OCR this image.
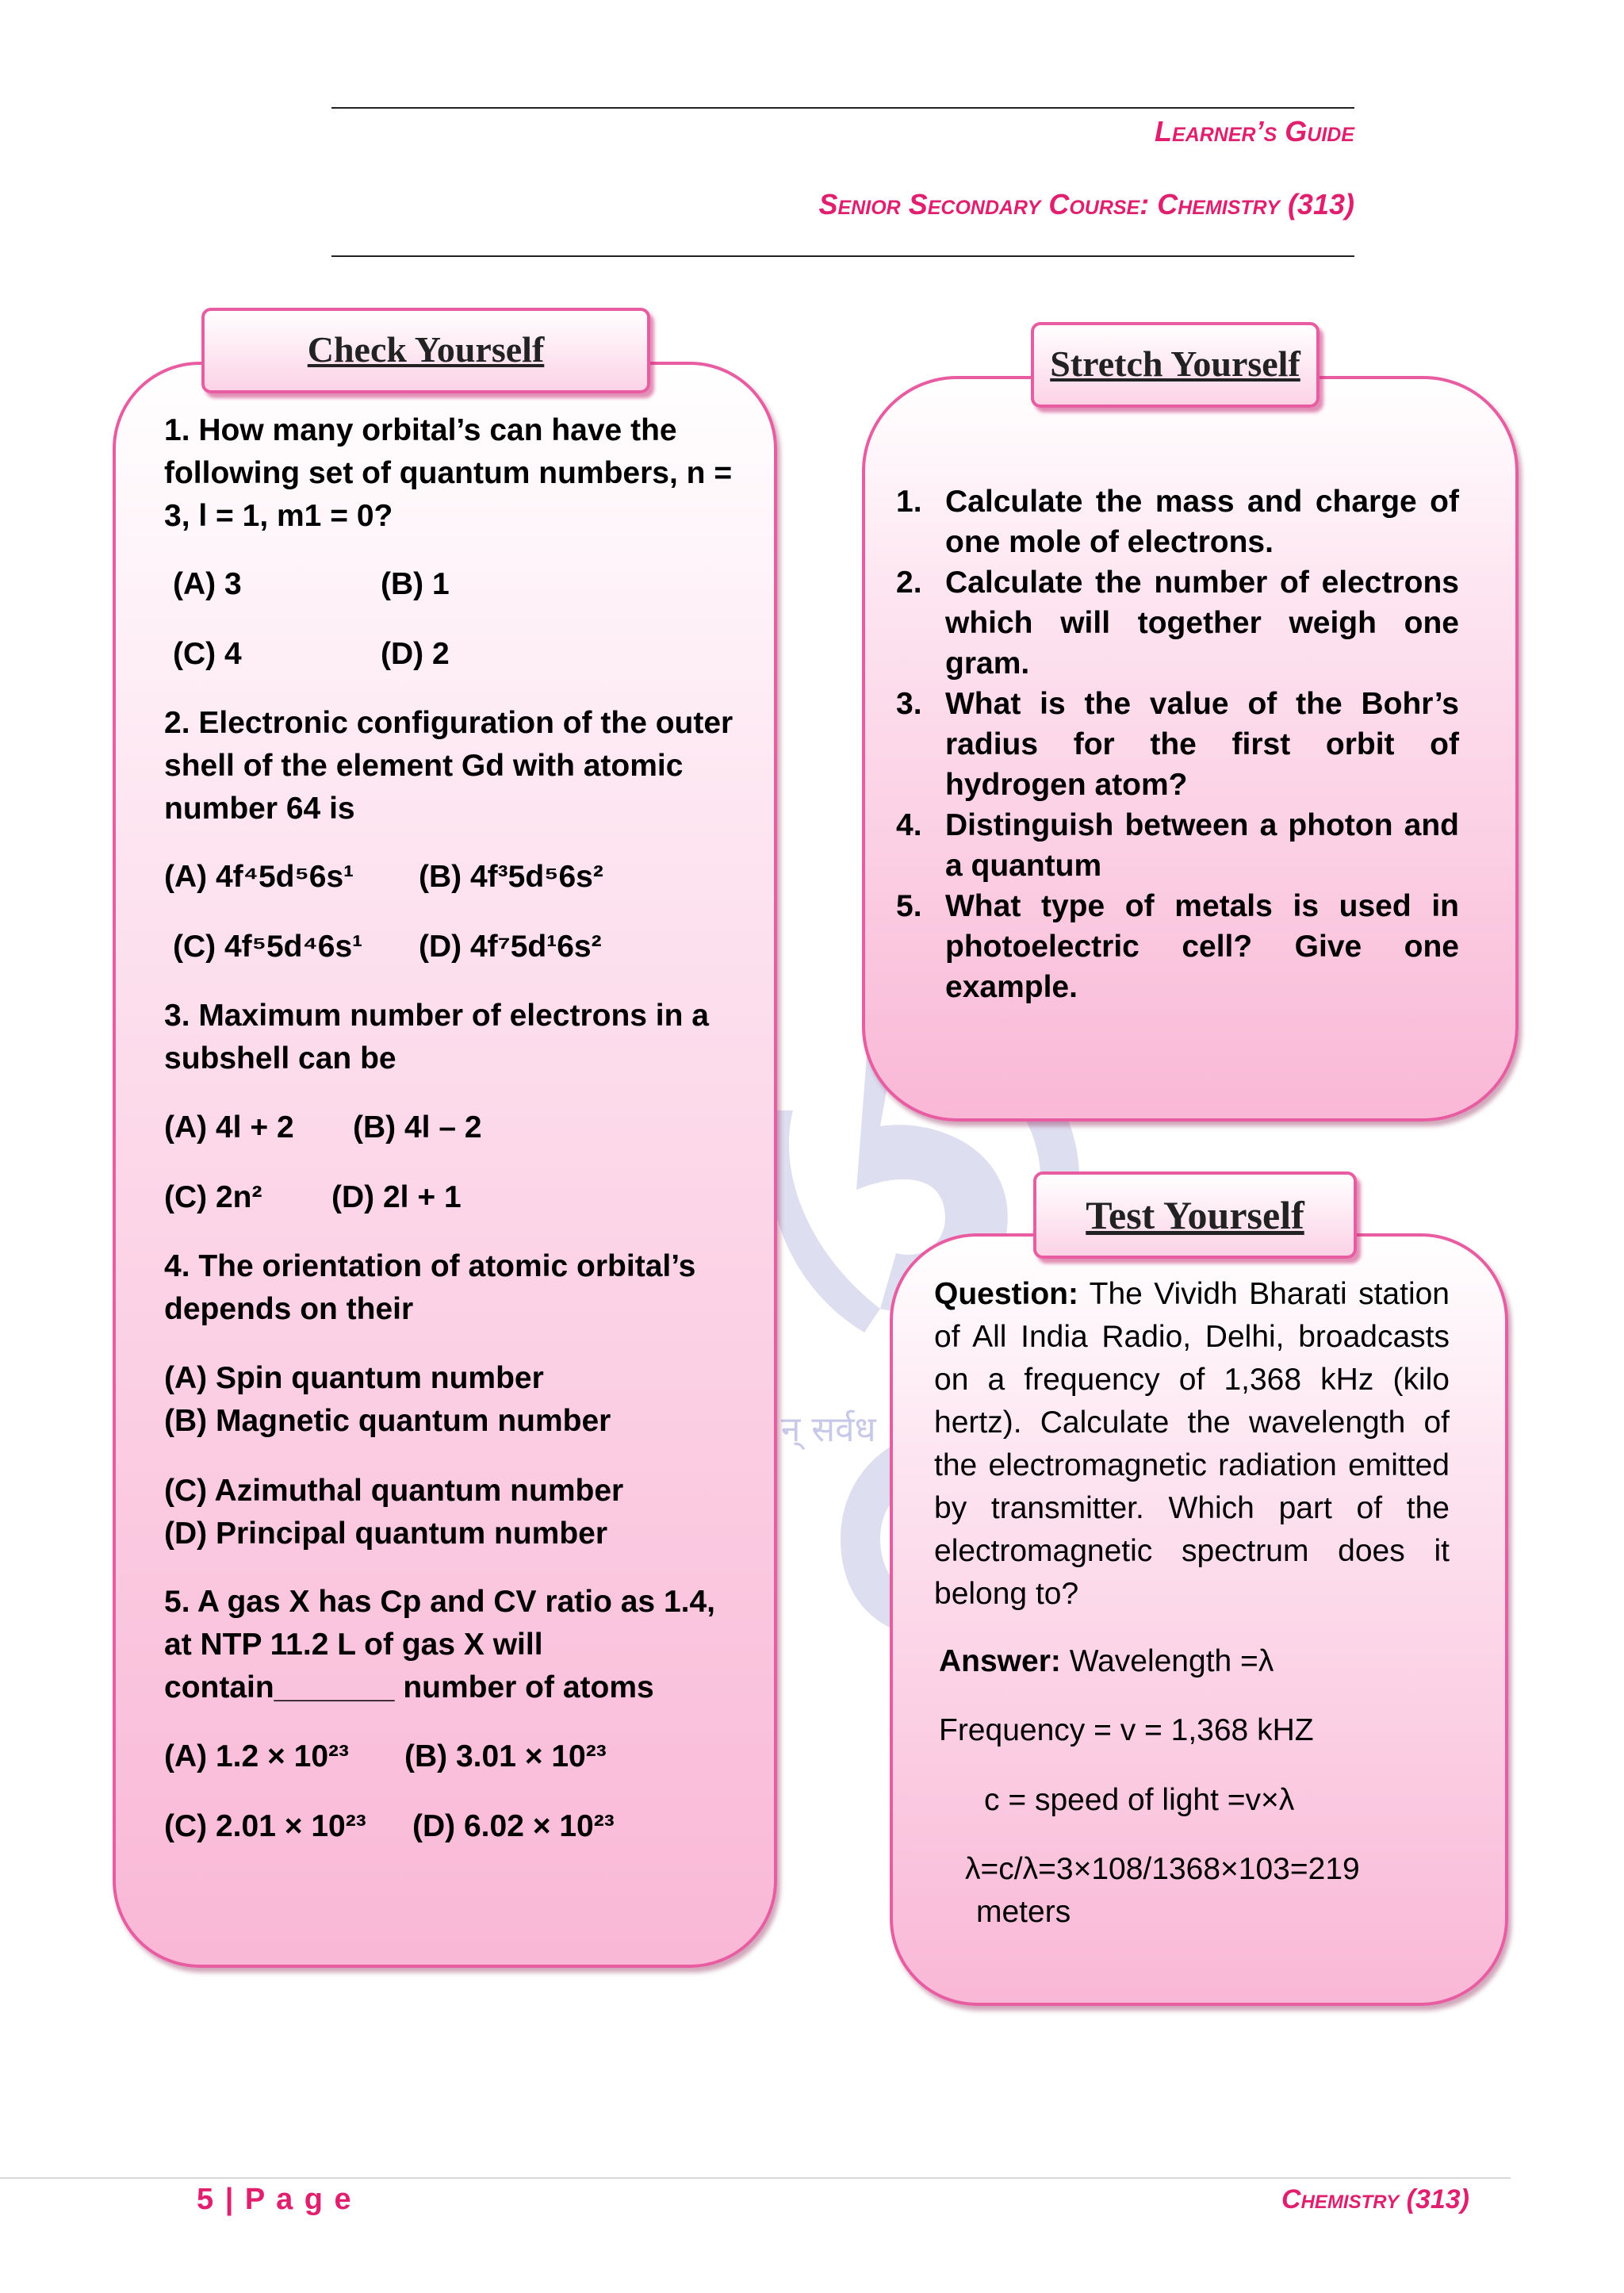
न् सर्वध
Learner’s Guide
Senior Secondary Course: Chemistry (313)
Check Yourself

1. How many orbital’s can have the following set of quantum numbers, n = 3, l = 1, m1 = 0?

(A) 3	(B) 1
(C) 4	(D) 2

2. Electronic configuration of the outer shell of the element Gd with atomic number 64 is

(A) 4f⁴5d⁵6s¹ (B) 4f³5d⁵6s²
(C) 4f⁵5d⁴6s¹ (D) 4f⁷5d¹6s²

3. Maximum number of electrons in a subshell can be

(A) 4l + 2 (B) 4l – 2
(C) 2n² (D) 2l + 1

4. The orientation of atomic orbital’s depends on their

(A) Spin quantum number
(B) Magnetic quantum number
(C) Azimuthal quantum number
(D) Principal quantum number

5. A gas X has Cp and CV ratio as 1.4, at NTP 11.2 L of gas X will contain_______ number of atoms

(A) 1.2 × 10²³ (B) 3.01 × 10²³
(C) 2.01 × 10²³ (D) 6.02 × 10²³
Stretch Yourself
1. Calculate the mass and charge of one mole of electrons.
2. Calculate the number of electrons which will together weigh one gram.
3. What is the value of the Bohr’s radius for the first orbit of hydrogen atom?
4. Distinguish between a photon and a quantum
5. What type of metals is used in photoelectric cell? Give one example.
Test Yourself
Question: The Vividh Bharati station of All India Radio, Delhi, broadcasts on a frequency of 1,368 kHz (kilo hertz). Calculate the wavelength of the electromagnetic radiation emitted by transmitter. Which part of the electromagnetic spectrum does it belong to?
Answer: Wavelength =λ
Frequency = v = 1,368 kHZ
c = speed of light =v×λ
λ=c/λ=3×108/1368×103=219
meters
5 | P a g e	Chemistry (313)
